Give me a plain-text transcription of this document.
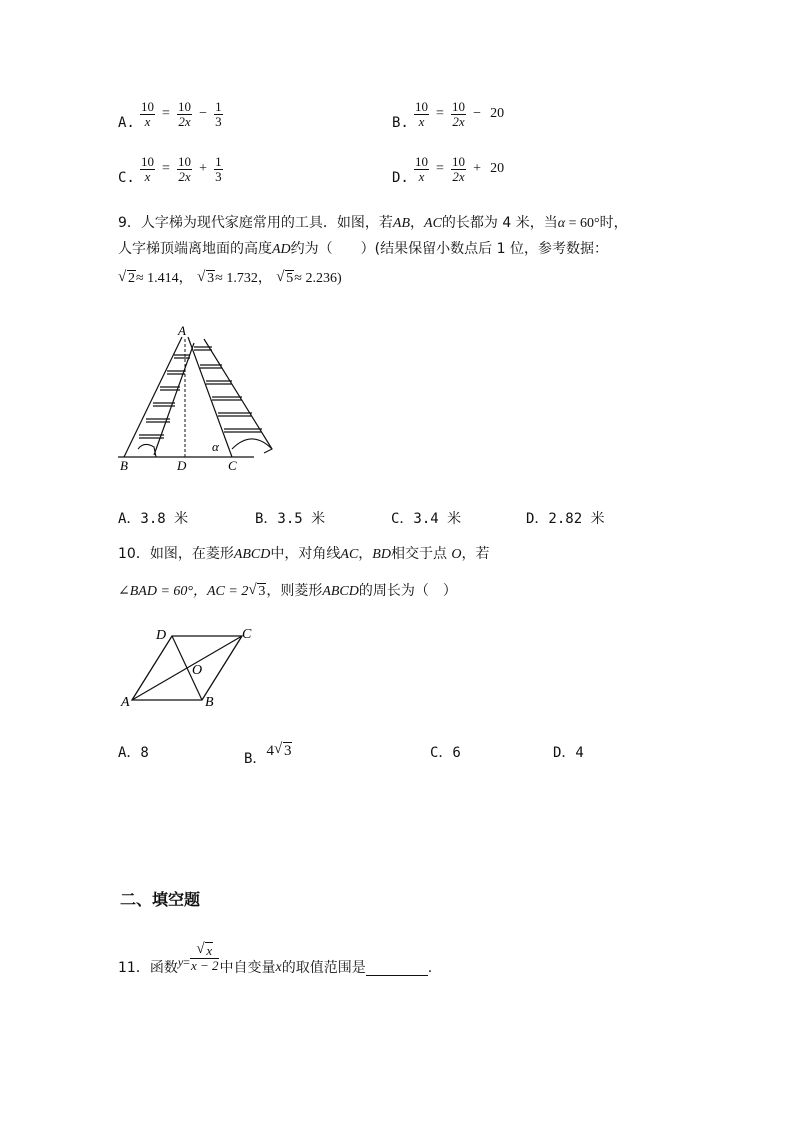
A. $\frac{10}{x} = \frac{10}{2x} - \frac{1}{3}$	B. $\frac{10}{x} = \frac{10}{2x} - 20$
C. $\frac{10}{x} = \frac{10}{2x} + \frac{1}{3}$	D. $\frac{10}{x} = \frac{10}{2x} + 20$
9．人字梯为现代家庭常用的工具．如图，若AB，AC的长都为 4 米，当α = 60°时，
人字梯顶端离地面的高度AD约为（　　）(结果保留小数点后 1 位，参考数据：
√ 2≈ 1.414， √ 3≈ 1.732， √ 5≈ 2.236)
A
B	D	C
α
A．3.8 米	B．3.5 米	C．3.4 米	D．2.82 米
10．如图，在菱形ABCD中，对角线AC，BD相交于点 O，若
∠BAD = 60°，AC = 2 √ 3，则菱形ABCD的周长为（　）
A	B
C
D
O
A．8	B．4 √ 3	C．6	D．4
二、填空题
11．函数 y = √ $\frac{x}{x - 2}$ 中自变量 x 的取值范围是	.
